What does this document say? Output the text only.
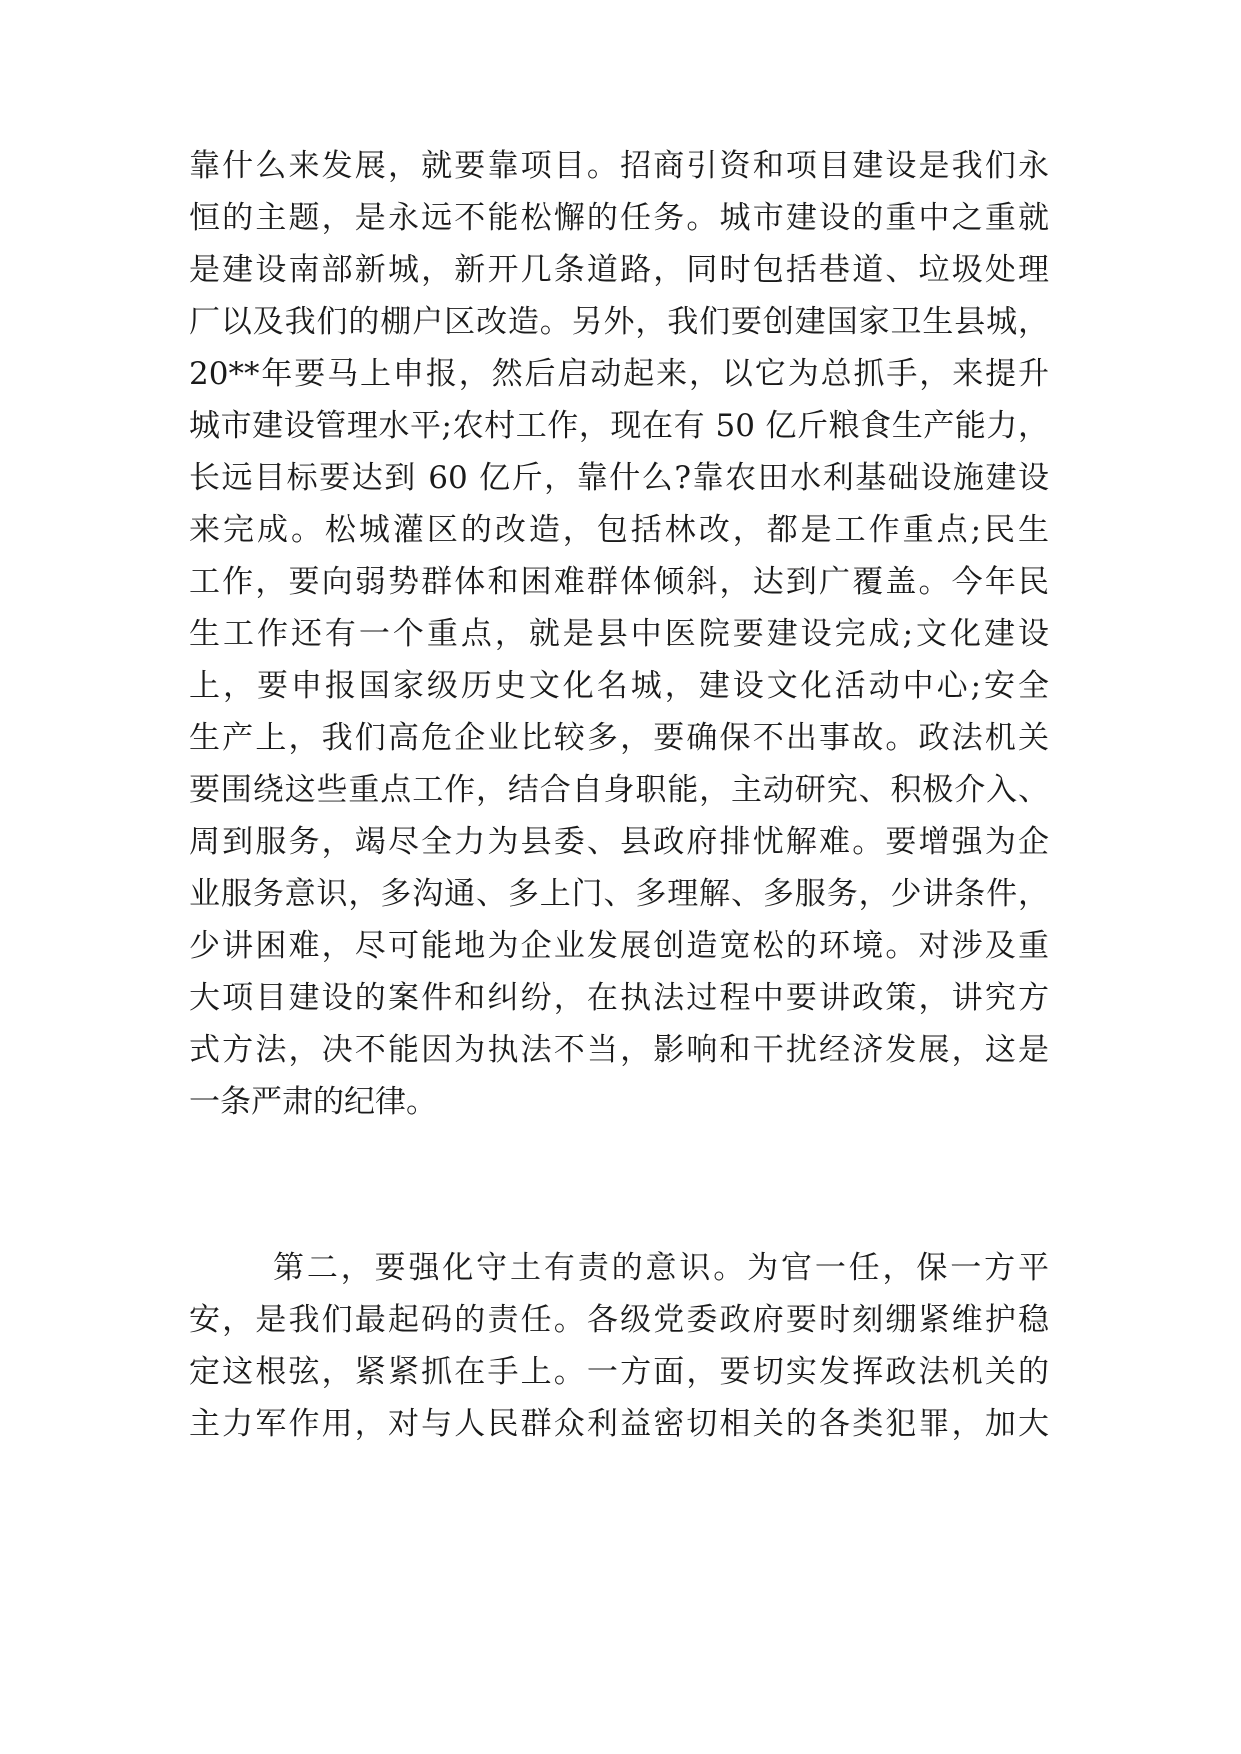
靠什么来发展，就要靠项目。招商引资和项目建设是我们永
恒的主题，是永远不能松懈的任务。城市建设的重中之重就
是建设南部新城，新开几条道路，同时包括巷道、垃圾处理
厂以及我们的棚户区改造。另外，我们要创建国家卫生县城，
20**年要马上申报，然后启动起来，以它为总抓手，来提升
城市建设管理水平;农村工作，现在有 50 亿斤粮食生产能力，
长远目标要达到 60 亿斤，靠什么?靠农田水利基础设施建设
来完成。松城灌区的改造，包括林改，都是工作重点;民生
工作，要向弱势群体和困难群体倾斜，达到广覆盖。今年民
生工作还有一个重点，就是县中医院要建设完成;文化建设
上，要申报国家级历史文化名城，建设文化活动中心;安全
生产上，我们高危企业比较多，要确保不出事故。政法机关
要围绕这些重点工作，结合自身职能，主动研究、积极介入、
周到服务，竭尽全力为县委、县政府排忧解难。要增强为企
业服务意识，多沟通、多上门、多理解、多服务，少讲条件，
少讲困难，尽可能地为企业发展创造宽松的环境。对涉及重
大项目建设的案件和纠纷，在执法过程中要讲政策，讲究方
式方法，决不能因为执法不当，影响和干扰经济发展，这是
一条严肃的纪律。
第二，要强化守土有责的意识。为官一任，保一方平
安，是我们最起码的责任。各级党委政府要时刻绷紧维护稳
定这根弦，紧紧抓在手上。一方面，要切实发挥政法机关的
主力军作用，对与人民群众利益密切相关的各类犯罪，加大
